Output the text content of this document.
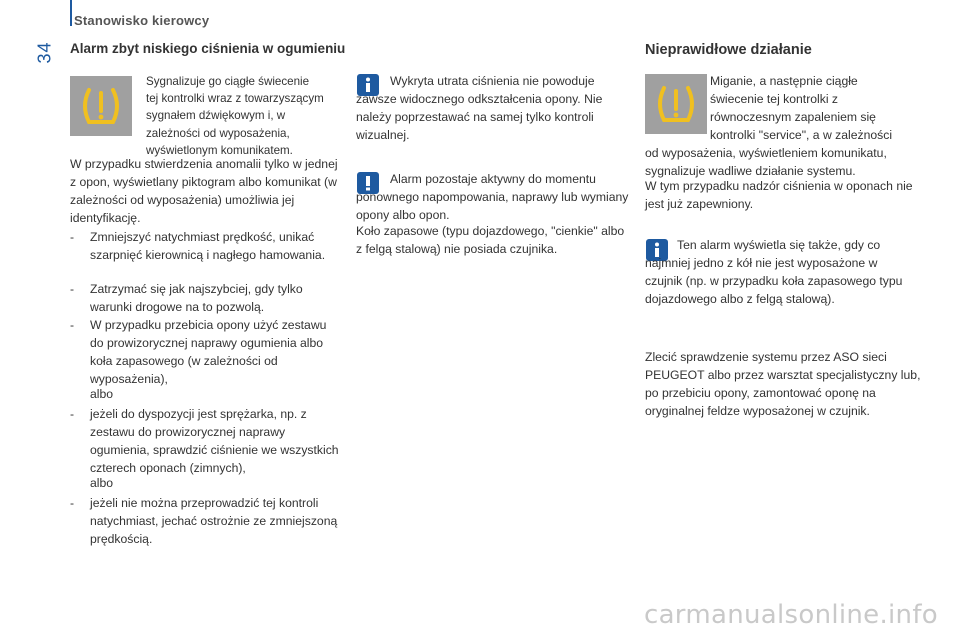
34
Stanowisko kierowcy
Alarm zbyt niskiego ciśnienia w ogumieniu
Sygnalizuje go ciągłe świecenie
tej kontrolki wraz z towarzyszącym
sygnałem dźwiękowym i, w
zależności od wyposażenia,
wyświetlonym komunikatem.
W przypadku stwierdzenia anomalii tylko w jednej z opon, wyświetlany piktogram albo komunikat (w zależności od wyposażenia) umożliwia jej identyfikację.
- Zmniejszyć natychmiast prędkość, unikać szarpnięć kierownicą i nagłego hamowania.
- Zatrzymać się jak najszybciej, gdy tylko warunki drogowe na to pozwolą.
- W przypadku przebicia opony użyć zestawu do prowizorycznej naprawy ogumienia albo koła zapasowego (w zależności od wyposażenia),
albo
- jeżeli do dyspozycji jest sprężarka, np. z zestawu do prowizorycznej naprawy ogumienia, sprawdzić ciśnienie we wszystkich czterech oponach (zimnych),
albo
- jeżeli nie można przeprowadzić tej kontroli natychmiast, jechać ostrożnie ze zmniejszoną prędkością.
Wykryta utrata ciśnienia nie powoduje zawsze widocznego odkształcenia opony. Nie należy poprzestawać na samej tylko kontroli wizualnej.
Alarm pozostaje aktywny do momentu ponownego napompowania, naprawy lub wymiany opony albo opon.
Koło zapasowe (typu dojazdowego, "cienkie" albo z felgą stalową) nie posiada czujnika.
Nieprawidłowe działanie
Miganie, a następnie ciągłe
świecenie tej kontrolki z
równoczesnym zapaleniem się
kontrolki "service", a w zależności
od wyposażenia, wyświetleniem komunikatu, sygnalizuje wadliwe działanie systemu.
W tym przypadku nadzór ciśnienia w oponach nie jest już zapewniony.
Ten alarm wyświetla się także, gdy co najmniej jedno z kół nie jest wyposażone w czujnik (np. w przypadku koła zapasowego typu dojazdowego albo z felgą stalową).
Zlecić sprawdzenie systemu przez ASO sieci PEUGEOT albo przez warsztat specjalistyczny lub, po przebiciu opony, zamontować oponę na oryginalnej feldze wyposażonej w czujnik.
carmanualsonline.info
